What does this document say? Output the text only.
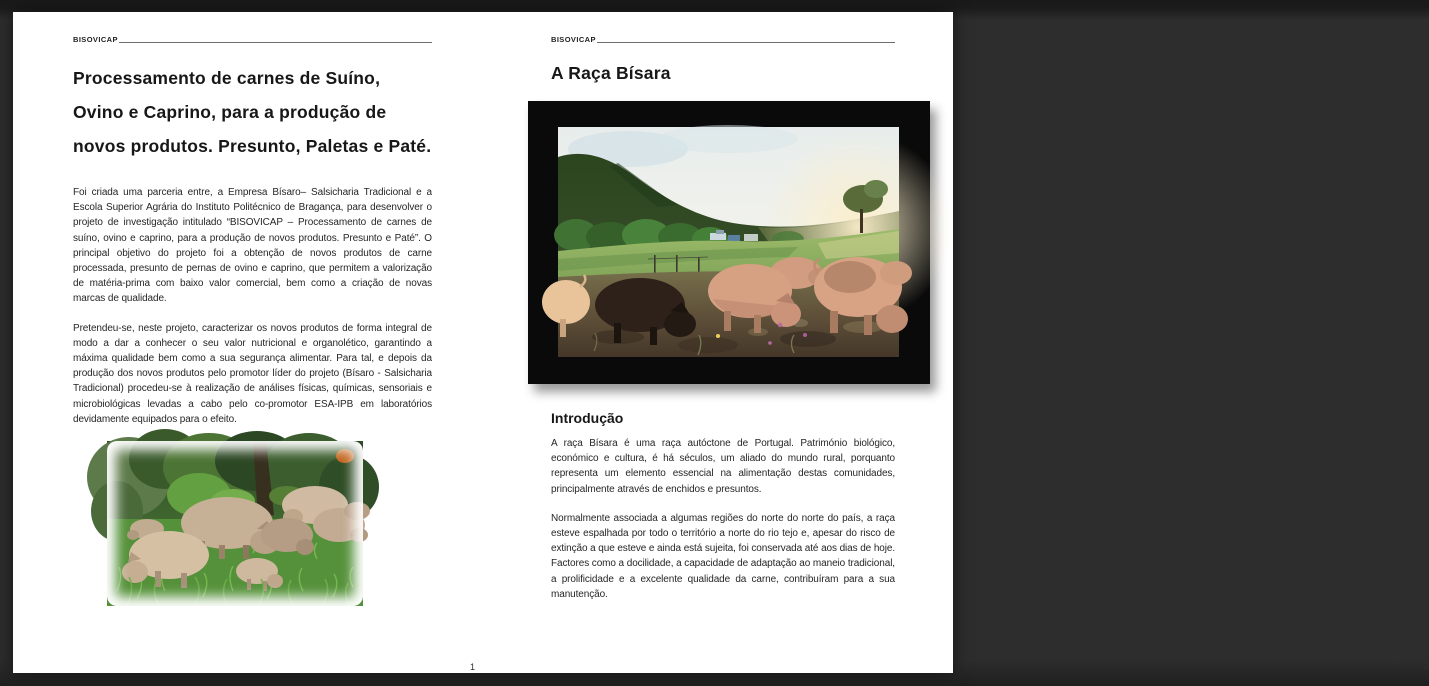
BISOVICAP
Processamento de carnes de Suíno, Ovino e Caprino, para a produção de novos produtos. Presunto, Paletas e Paté.

Foi criada uma parceria entre, a Empresa Bísaro– Salsicharia Tradicional e a Escola Superior Agrária do Instituto Politécnico de Bragança, para desenvolver o projeto de investigação intitulado “BISOVICAP – Processamento de carnes de suíno, ovino e caprino, para a produção de novos produtos. Presunto e Paté”. O principal objetivo do projeto foi a obtenção de novos produtos de carne processada, presunto de pernas de ovino e caprino, que permitem a valorização de matéria-prima com baixo valor comercial, bem como a criação de novas marcas de qualidade.

Pretendeu-se, neste projeto, caracterizar os novos produtos de forma integral de modo a dar a conhecer o seu valor nutricional e organolético, garantindo a máxima qualidade bem como a sua segurança alimentar. Para tal, e depois da produção dos novos produtos pelo promotor líder do projeto (Bísaro - Salsicharia Tradicional) procedeu-se à realização de análises físicas, químicas, sensoriais e microbiológicas levadas a cabo pelo co-promotor ESA-IPB em laboratórios devidamente equipados para o efeito.

1
BISOVICAP
A Raça Bísara
Introdução

A raça Bísara é uma raça autóctone de Portugal. Património biológico, económico e cultura, é há séculos, um aliado do mundo rural, porquanto representa um elemento essencial na alimentação destas comunidades, principalmente através de enchidos e presuntos.

Normalmente associada a algumas regiões do norte do norte do país, a raça esteve espalhada por todo o território a norte do rio tejo e, apesar do risco de extinção a que esteve e ainda está sujeita, foi conservada até aos dias de hoje. Factores como a docilidade, a capacidade de adaptação ao maneio tradicional, a prolificidade e a excelente qualidade da carne, contribuíram para a sua manutenção.

2
